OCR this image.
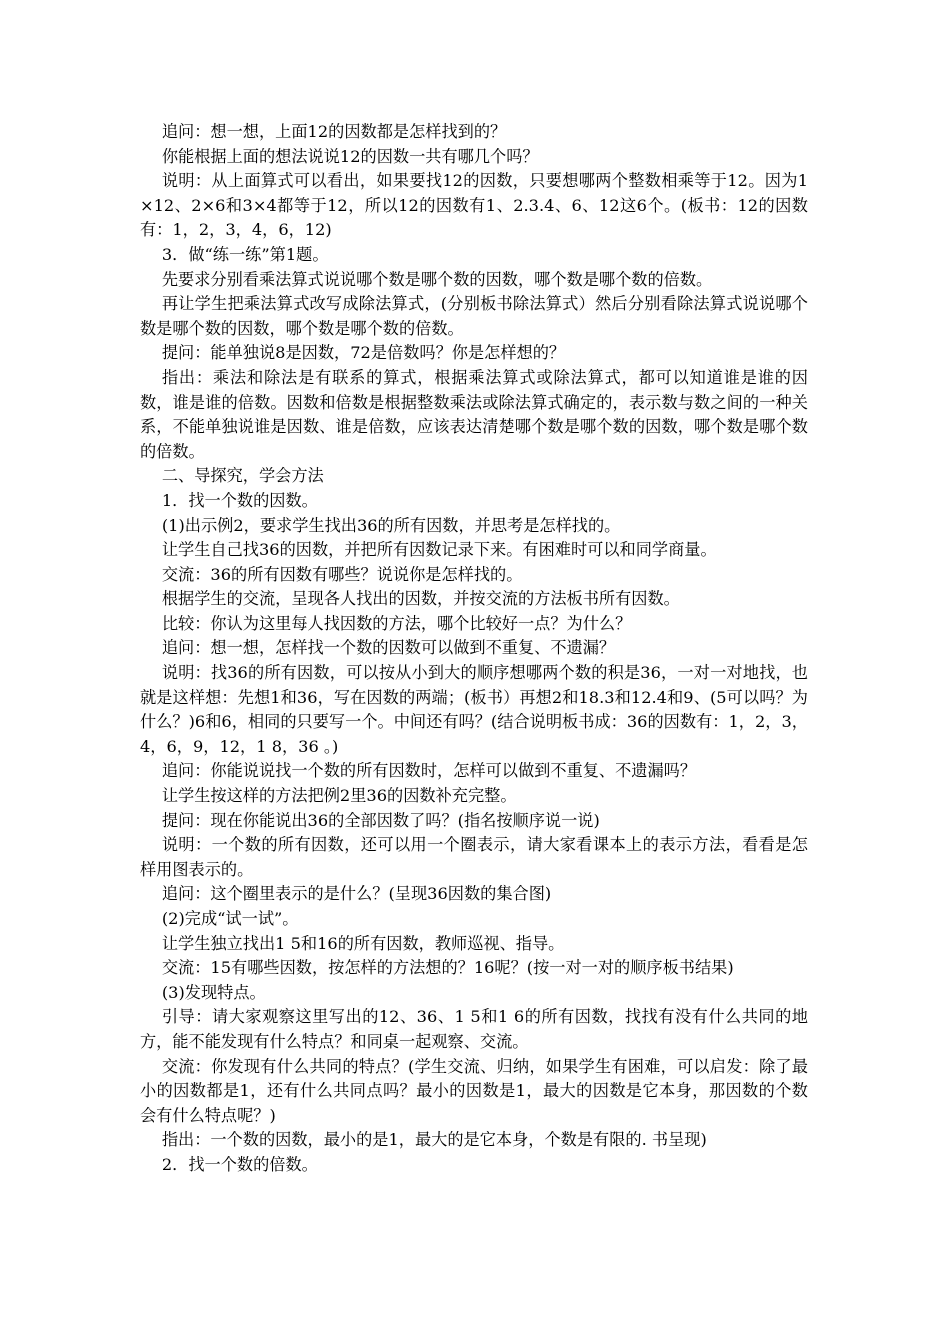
追问：想一想，上面12的因数都是怎样找到的？

你能根据上面的想法说说12的因数一共有哪几个吗？

说明：从上面算式可以看出，如果要找12的因数，只要想哪两个整数相乘等于12。因为1×12、2×6和3×4都等于12，所以12的因数有1、2.3.4、6、12这6个。(板书：12的因数有：1，2，3，4，6，12)

3．做“练一练”第1题。

先要求分别看乘法算式说说哪个数是哪个数的因数，哪个数是哪个数的倍数。

再让学生把乘法算式改写成除法算式，(分别板书除法算式）然后分别看除法算式说说哪个数是哪个数的因数，哪个数是哪个数的倍数。

提问：能单独说8是因数，72是倍数吗？你是怎样想的？

指出：乘法和除法是有联系的算式，根据乘法算式或除法算式，都可以知道谁是谁的因数，谁是谁的倍数。因数和倍数是根据整数乘法或除法算式确定的，表示数与数之间的一种关系，不能单独说谁是因数、谁是倍数，应该表达清楚哪个数是哪个数的因数，哪个数是哪个数的倍数。

二、导探究，学会方法

1．找一个数的因数。

(1)出示例2，要求学生找出36的所有因数，并思考是怎样找的。

让学生自己找36的因数，并把所有因数记录下来。有困难时可以和同学商量。

交流：36的所有因数有哪些？说说你是怎样找的。

根据学生的交流，呈现各人找出的因数，并按交流的方法板书所有因数。

比较：你认为这里每人找因数的方法，哪个比较好一点？为什么？

追问：想一想，怎样找一个数的因数可以做到不重复、不遗漏？

说明：找36的所有因数，可以按从小到大的顺序想哪两个数的积是36，一对一对地找，也就是这样想：先想1和36，写在因数的两端；(板书）再想2和18.3和12.4和9、(5可以吗？为什么？)6和6，相同的只要写一个。中间还有吗？(结合说明板书成：36的因数有：1，2，3，4，6，9，12，1 8，36 。)

追问：你能说说找一个数的所有因数时，怎样可以做到不重复、不遗漏吗？

让学生按这样的方法把例2里36的因数补充完整。

提问：现在你能说出36的全部因数了吗？(指名按顺序说一说)

说明：一个数的所有因数，还可以用一个圈表示，请大家看课本上的表示方法，看看是怎样用图表示的。

追问：这个圈里表示的是什么？(呈现36因数的集合图)

(2)完成“试一试”。

让学生独立找出1 5和16的所有因数，教师巡视、指导。

交流：15有哪些因数，按怎样的方法想的？16呢？(按一对一对的顺序板书结果)

(3)发现特点。

引导：请大家观察这里写出的12、36、1 5和1 6的所有因数，找找有没有什么共同的地方，能不能发现有什么特点？和同桌一起观察、交流。

交流：你发现有什么共同的特点？(学生交流、归纳，如果学生有困难，可以启发：除了最小的因数都是1，还有什么共同点吗？最小的因数是1，最大的因数是它本身，那因数的个数会有什么特点呢？)

指出：一个数的因数，最小的是1，最大的是它本身，个数是有限的. 书呈现)

2．找一个数的倍数。
